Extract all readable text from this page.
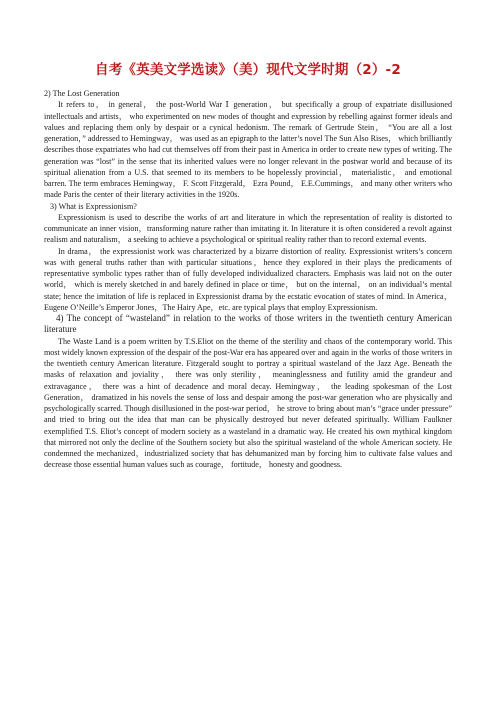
自考《英美文学选读》（美）现代文学时期（2）-2

2) The Lost Generation

It refers to， in general， the post-World War Ⅰ generation， but specifically a group of expatriate disillusioned intellectuals and artists， who experimented on new modes of thought and expression by rebelling against former ideals and values and replacing them only by despair or a cynical hedonism. The remark of Gertrude Stein， “You are all a lost generation，” addressed to Hemingway， was used as an epigraph to the latter’s novel The Sun Also Rises， which brilliantly describes those expatriates who had cut themselves off from their past in America in order to create new types of writing. The generation was “lost” in the sense that its inherited values were no longer relevant in the postwar world and because of its spiritual alienation from a U.S. that seemed to its members to be hopelessly provincial， materialistic， and emotional barren. The term embraces Hemingway， F. Scott Fitzgerald， Ezra Pound， E.E.Cummings， and many other writers who made Paris the center of their literary activities in the 1920s.

3) What is Expressionism?

Expressionism is used to describe the works of art and literature in which the representation of reality is distorted to communicate an inner vision，transforming nature rather than imitating it. In literature it is often considered a revolt against realism and naturalism， a seeking to achieve a psychological or spiritual reality rather than to record external events.

In drama， the expressionist work was characterized by a bizarre distortion of reality. Expressionist writers’s concern was with general truths rather than with particular situations，hence they explored in their plays the predicaments of representative symbolic types rather than of fully developed individualized characters. Emphasis was laid not on the outer world， which is merely sketched in and barely defined in place or time， but on the internal， on an individual’s mental state; hence the imitation of life is replaced in Expressionist drama by the ecstatic evocation of states of mind. In America，Eugene O’Neille’s Emperor Jones，The Hairy Ape，etc. are typical plays that employ Expressionism.

4) The concept of “wasteland” in relation to the works of those writers in the twentieth century American literature

The Waste Land is a poem written by T.S.Eliot on the theme of the sterility and chaos of the contemporary world. This most widely known expression of the despair of the post-War era has appeared over and again in the works of those writers in the twentieth century American literature. Fitzgerald sought to portray a spiritual wasteland of the Jazz Age. Beneath the masks of relaxation and joviality， there was only sterility， meaninglessness and futility amid the grandeur and extravagance， there was a hint of decadence and moral decay. Hemingway， the leading spokesman of the Lost Generation， dramatized in his novels the sense of loss and despair among the post-war generation who are physically and psychologically scarred. Though disillusioned in the post-war period， he strove to bring about man’s “grace under pressure” and tried to bring out the idea that man can be physically destroyed but never defeated spiritually. William Faulkner exemplified T.S. Eliot’s concept of modern society as a wasteland in a dramatic way. He created his own mythical kingdom that mirrored not only the decline of the Southern society but also the spiritual wasteland of the whole American society. He condemned the mechanized，industrialized society that has dehumanized man by forcing him to cultivate false values and decrease those essential human values such as courage， fortitude， honesty and goodness.
